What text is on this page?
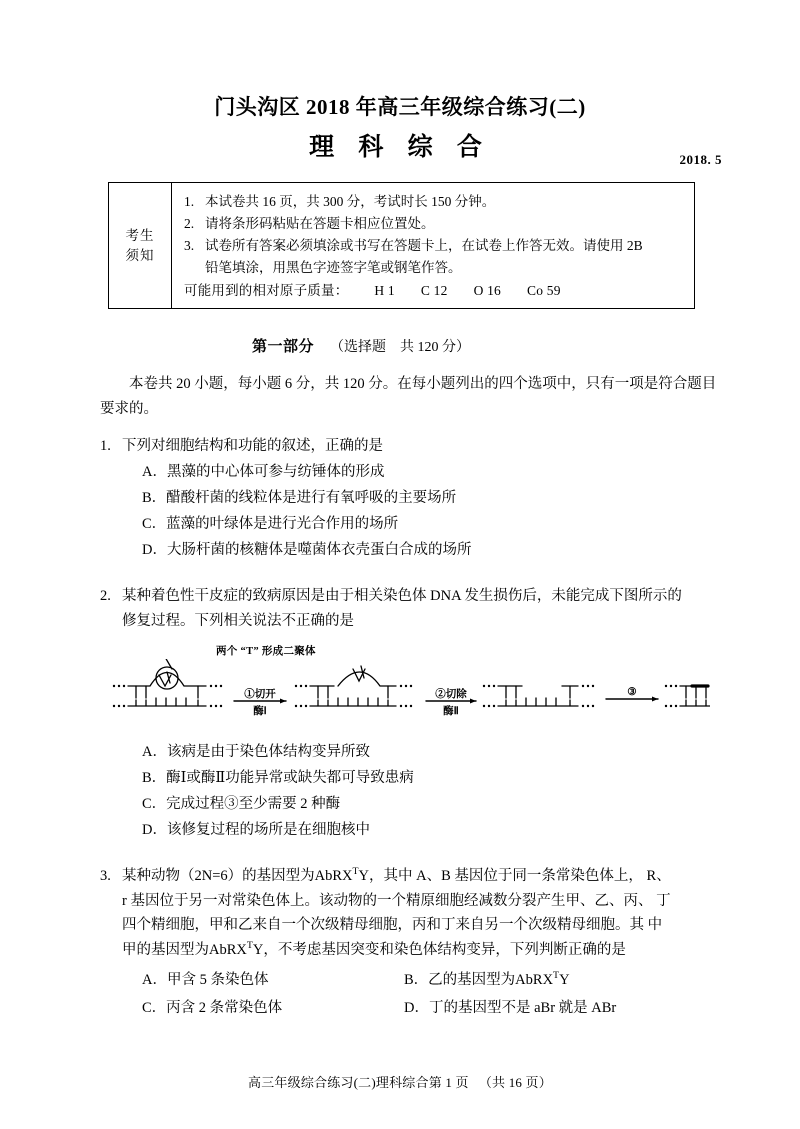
门头沟区 2018 年高三年级综合练习(二)
理 科 综 合	2018. 5
考生
须知
1. 本试卷共 16 页，共 300 分，考试时长 150 分钟。
2. 请将条形码粘贴在答题卡相应位置处。
3. 试卷所有答案必须填涂或书写在答题卡上，在试卷上作答无效。请使用 2B
铅笔填涂，用黑色字迹签字笔或钢笔作答。
可能用到的相对原子质量： H 1 C 12 O 16 Co 59
第一部分 （选择题　共 120 分）
本卷共 20 小题，每小题 6 分，共 120 分。在每小题列出的四个选项中，只有一项是符合题目要求的。
1. 下列对细胞结构和功能的叙述，正确的是
A．黑藻的中心体可参与纺锤体的形成
B．醋酸杆菌的线粒体是进行有氧呼吸的主要场所
C．蓝藻的叶绿体是进行光合作用的场所
D．大肠杆菌的核糖体是噬菌体衣壳蛋白合成的场所
2. 某种着色性干皮症的致病原因是由于相关染色体 DNA 发生损伤后，未能完成下图所示的
修复过程。下列相关说法不正确的是
两个 “T” 形成二聚体
①切开
酶Ⅰ
②切除
酶Ⅱ
③
A．该病是由于染色体结构变异所致
B．酶Ⅰ或酶Ⅱ功能异常或缺失都可导致患病
C．完成过程③至少需要 2 种酶
D．该修复过程的场所是在细胞核中
3. 某种动物（2N=6）的基因型为AbRX$^T$Y，其中 A、B 基因位于同一条常染色体上， R、
r 基因位于另一对常染色体上。该动物的一个精原细胞经减数分裂产生甲、乙、丙、 丁
四个精细胞，甲和乙来自一个次级精母细胞，丙和丁来自另一个次级精母细胞。其 中
甲的基因型为AbRX$^T$Y，不考虑基因突变和染色体结构变异，下列判断正确的是
A．甲含 5 条染色体	B．乙的基因型为AbRX$^T$Y
C．丙含 2 条常染色体	D．丁的基因型不是 aBr 就是 ABr
高三年级综合练习(二)理科综合第 1 页 　（共 16 页）
